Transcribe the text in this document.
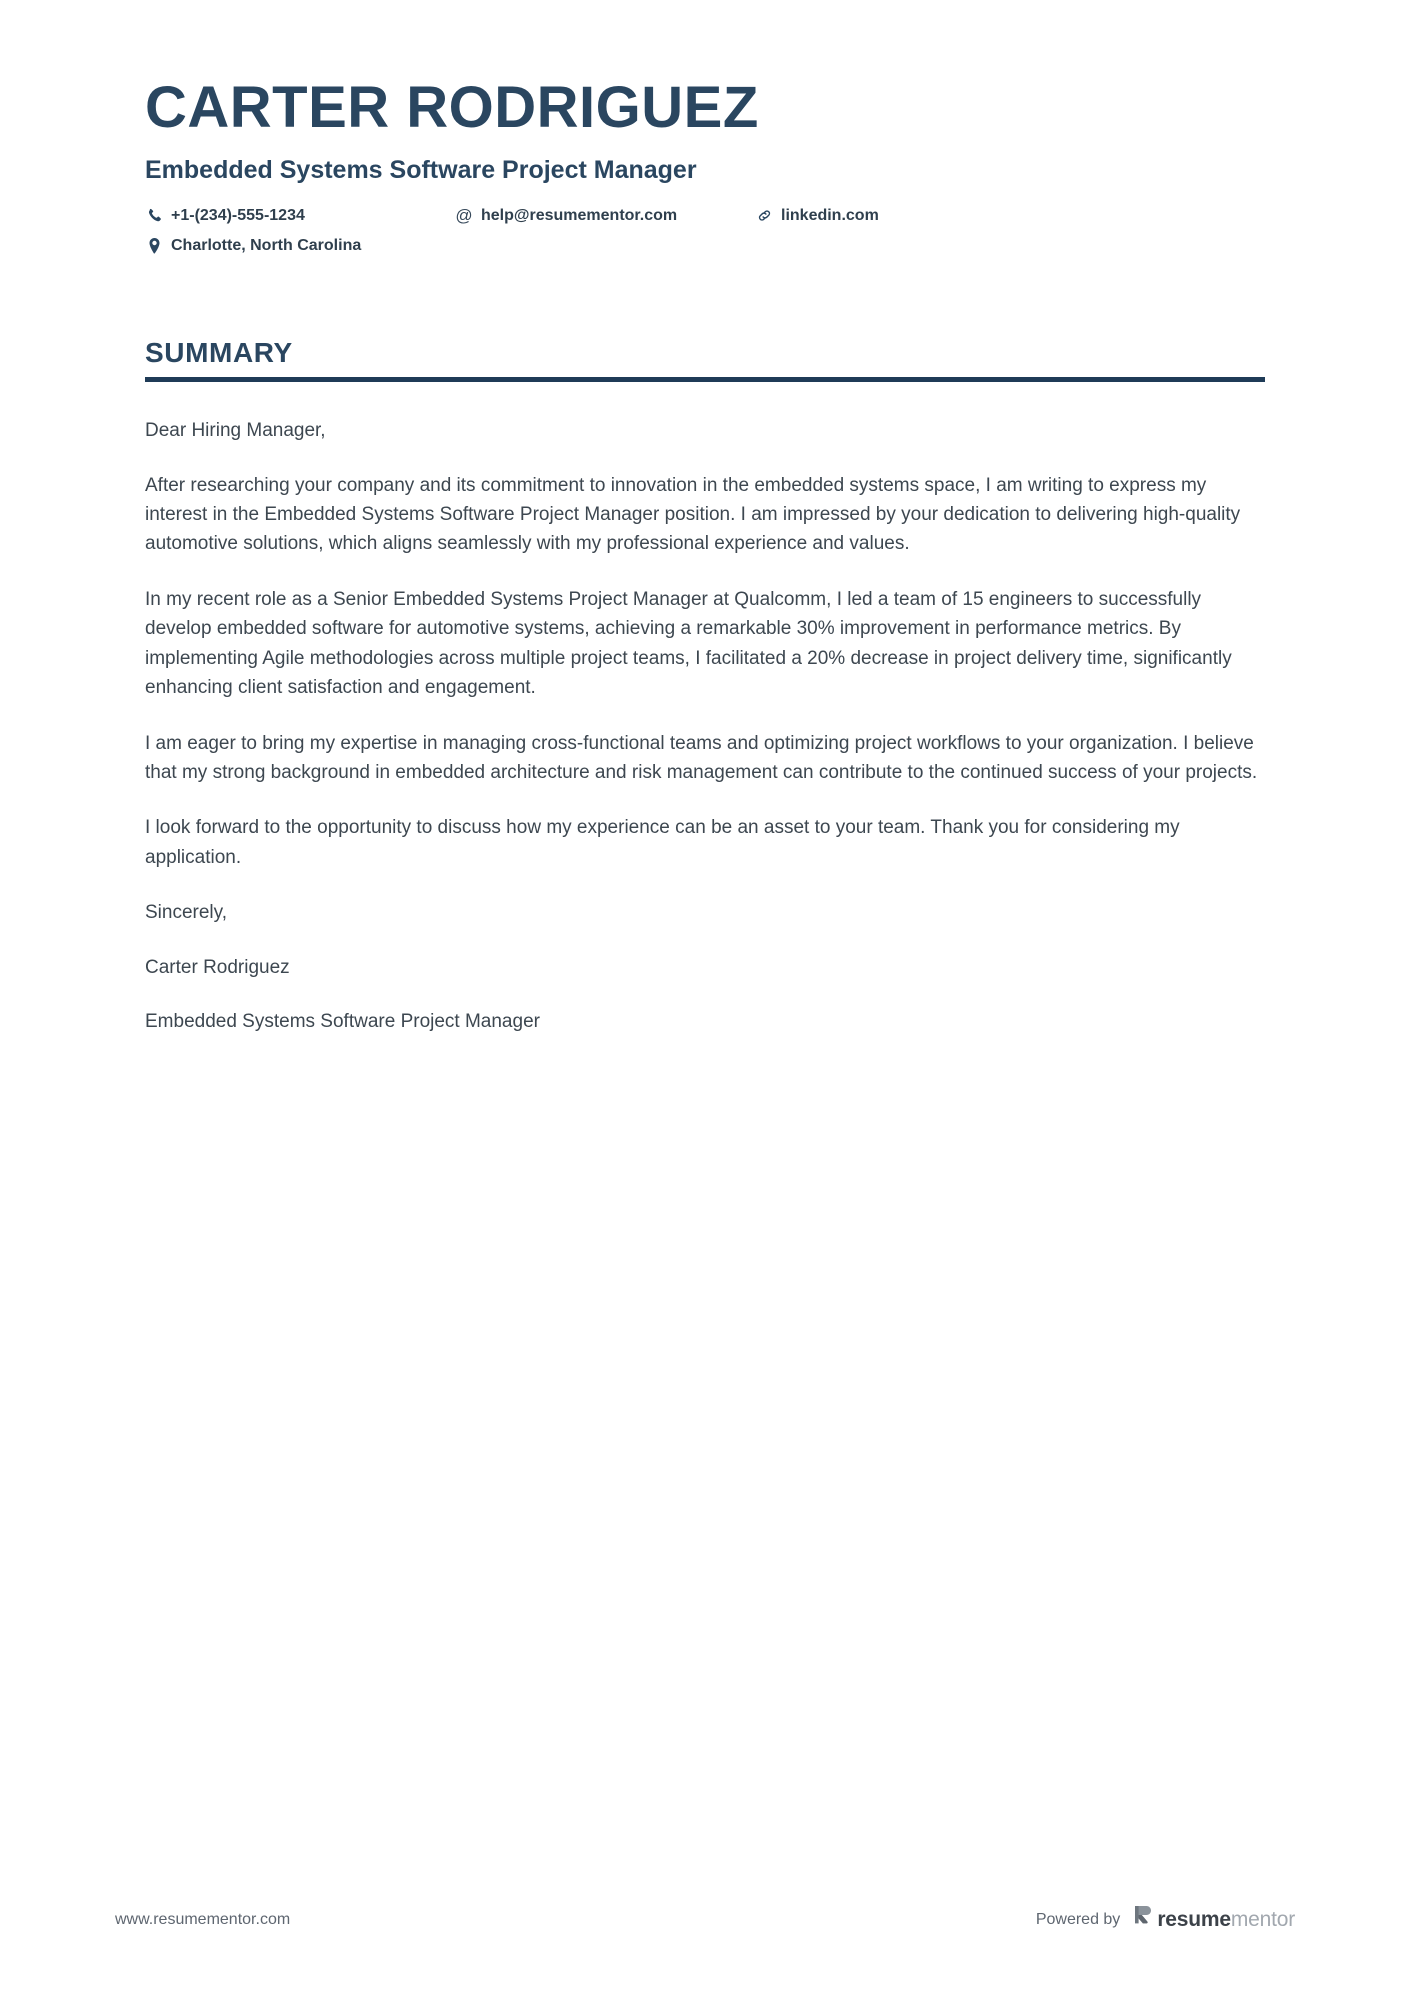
CARTER RODRIGUEZ
Embedded Systems Software Project Manager
+1-(234)-555-1234	@ help@resumementor.com	linkedin.com
Charlotte, North Carolina
SUMMARY

Dear Hiring Manager,

After researching your company and its commitment to innovation in the embedded systems space, I am writing to express my interest in the Embedded Systems Software Project Manager position. I am impressed by your dedication to delivering high-quality automotive solutions, which aligns seamlessly with my professional experience and values.

In my recent role as a Senior Embedded Systems Project Manager at Qualcomm, I led a team of 15 engineers to successfully develop embedded software for automotive systems, achieving a remarkable 30% improvement in performance metrics. By implementing Agile methodologies across multiple project teams, I facilitated a 20% decrease in project delivery time, significantly enhancing client satisfaction and engagement.

I am eager to bring my expertise in managing cross-functional teams and optimizing project workflows to your organization. I believe that my strong background in embedded architecture and risk management can contribute to the continued success of your projects.

I look forward to the opportunity to discuss how my experience can be an asset to your team. Thank you for considering my application.

Sincerely,

Carter Rodriguez

Embedded Systems Software Project Manager

www.resumementor.com	Powered by resumementor
